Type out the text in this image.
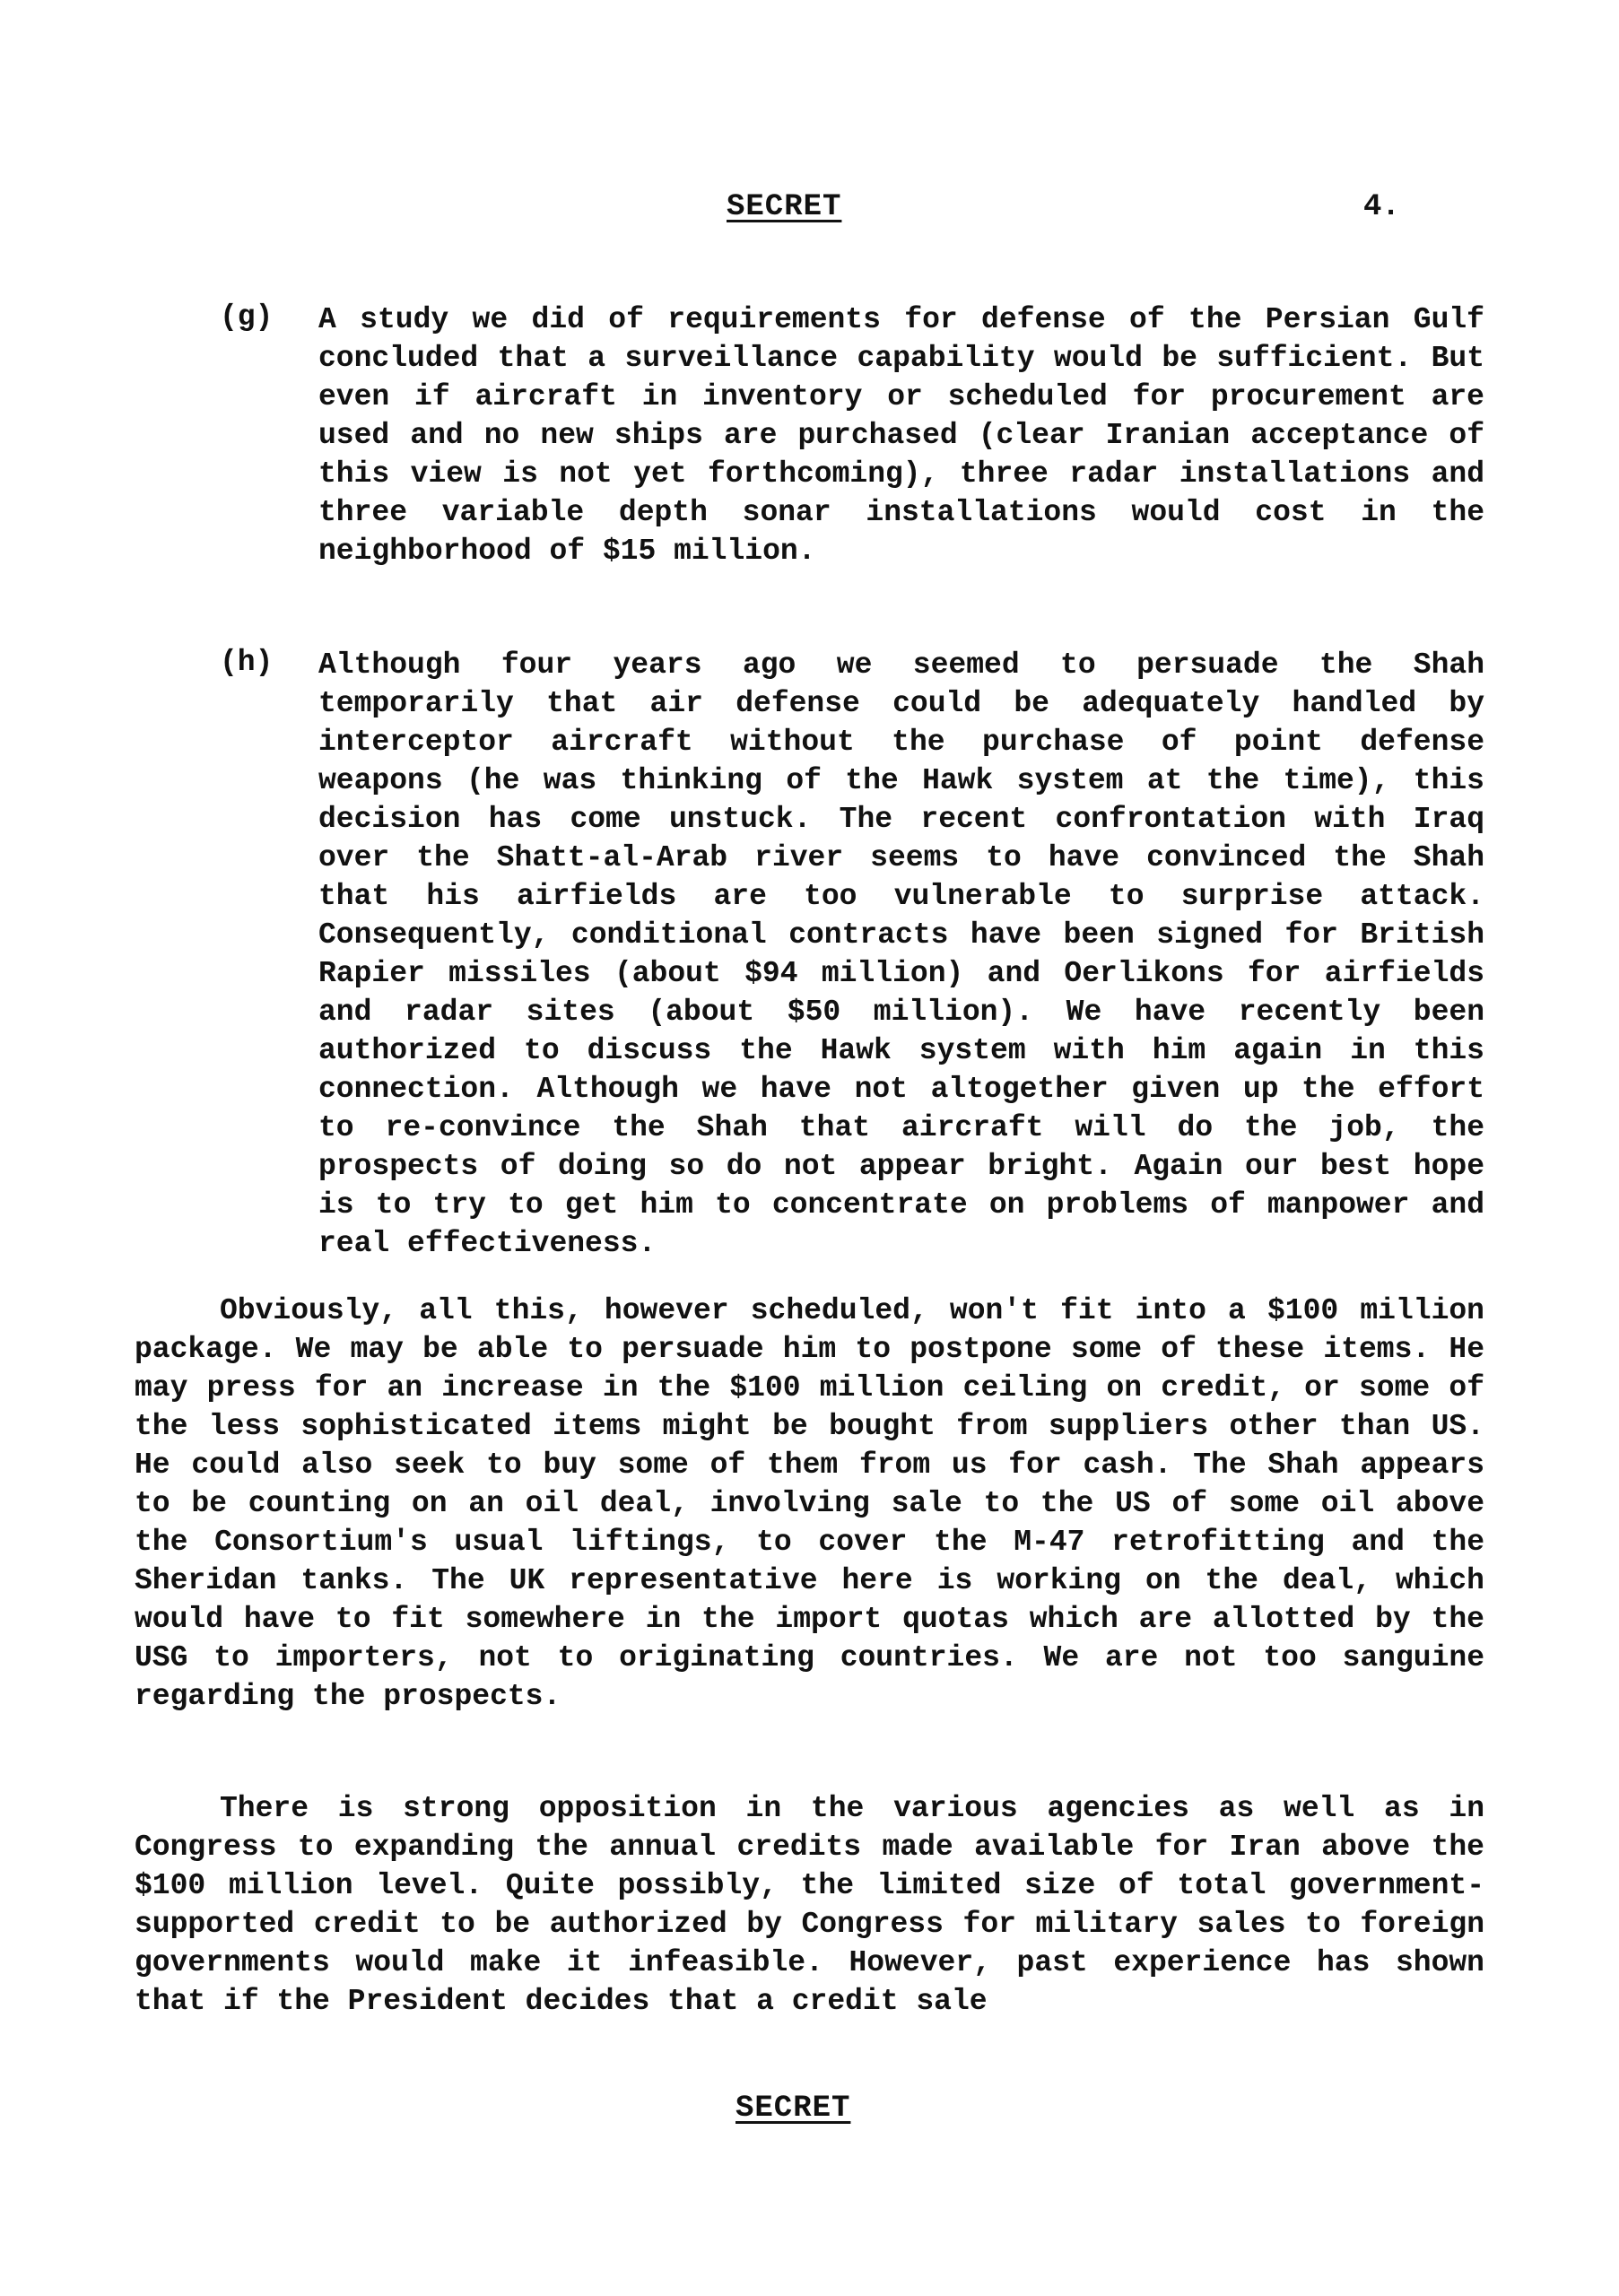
SECRET	4.
(g) A study we did of requirements for defense of the Persian Gulf concluded that a surveillance capability would be sufficient. But even if aircraft in inventory or scheduled for procurement are used and no new ships are purchased (clear Iranian acceptance of this view is not yet forthcoming), three radar installations and three variable depth sonar installations would cost in the neighborhood of $15 million.
(h) Although four years ago we seemed to persuade the Shah temporarily that air defense could be adequately handled by interceptor aircraft without the purchase of point defense weapons (he was thinking of the Hawk system at the time), this decision has come unstuck. The recent confrontation with Iraq over the Shatt-al-Arab river seems to have convinced the Shah that his airfields are too vulnerable to surprise attack. Consequently, conditional contracts have been signed for British Rapier missiles (about $94 million) and Oerlikons for airfields and radar sites (about $50 million). We have recently been authorized to discuss the Hawk system with him again in this connection. Although we have not altogether given up the effort to re-convince the Shah that aircraft will do the job, the prospects of doing so do not appear bright. Again our best hope is to try to get him to concentrate on problems of manpower and real effectiveness.
Obviously, all this, however scheduled, won't fit into a $100 million package. We may be able to persuade him to postpone some of these items. He may press for an increase in the $100 million ceiling on credit, or some of the less sophisticated items might be bought from suppliers other than US. He could also seek to buy some of them from us for cash. The Shah appears to be counting on an oil deal, involving sale to the US of some oil above the Consortium's usual liftings, to cover the M-47 retrofitting and the Sheridan tanks. The UK representative here is working on the deal, which would have to fit somewhere in the import quotas which are allotted by the USG to importers, not to originating countries. We are not too sanguine regarding the prospects.
There is strong opposition in the various agencies as well as in Congress to expanding the annual credits made available for Iran above the $100 million level. Quite possibly, the limited size of total government-supported credit to be authorized by Congress for military sales to foreign governments would make it infeasible. However, past experience has shown that if the President decides that a credit sale
SECRET
